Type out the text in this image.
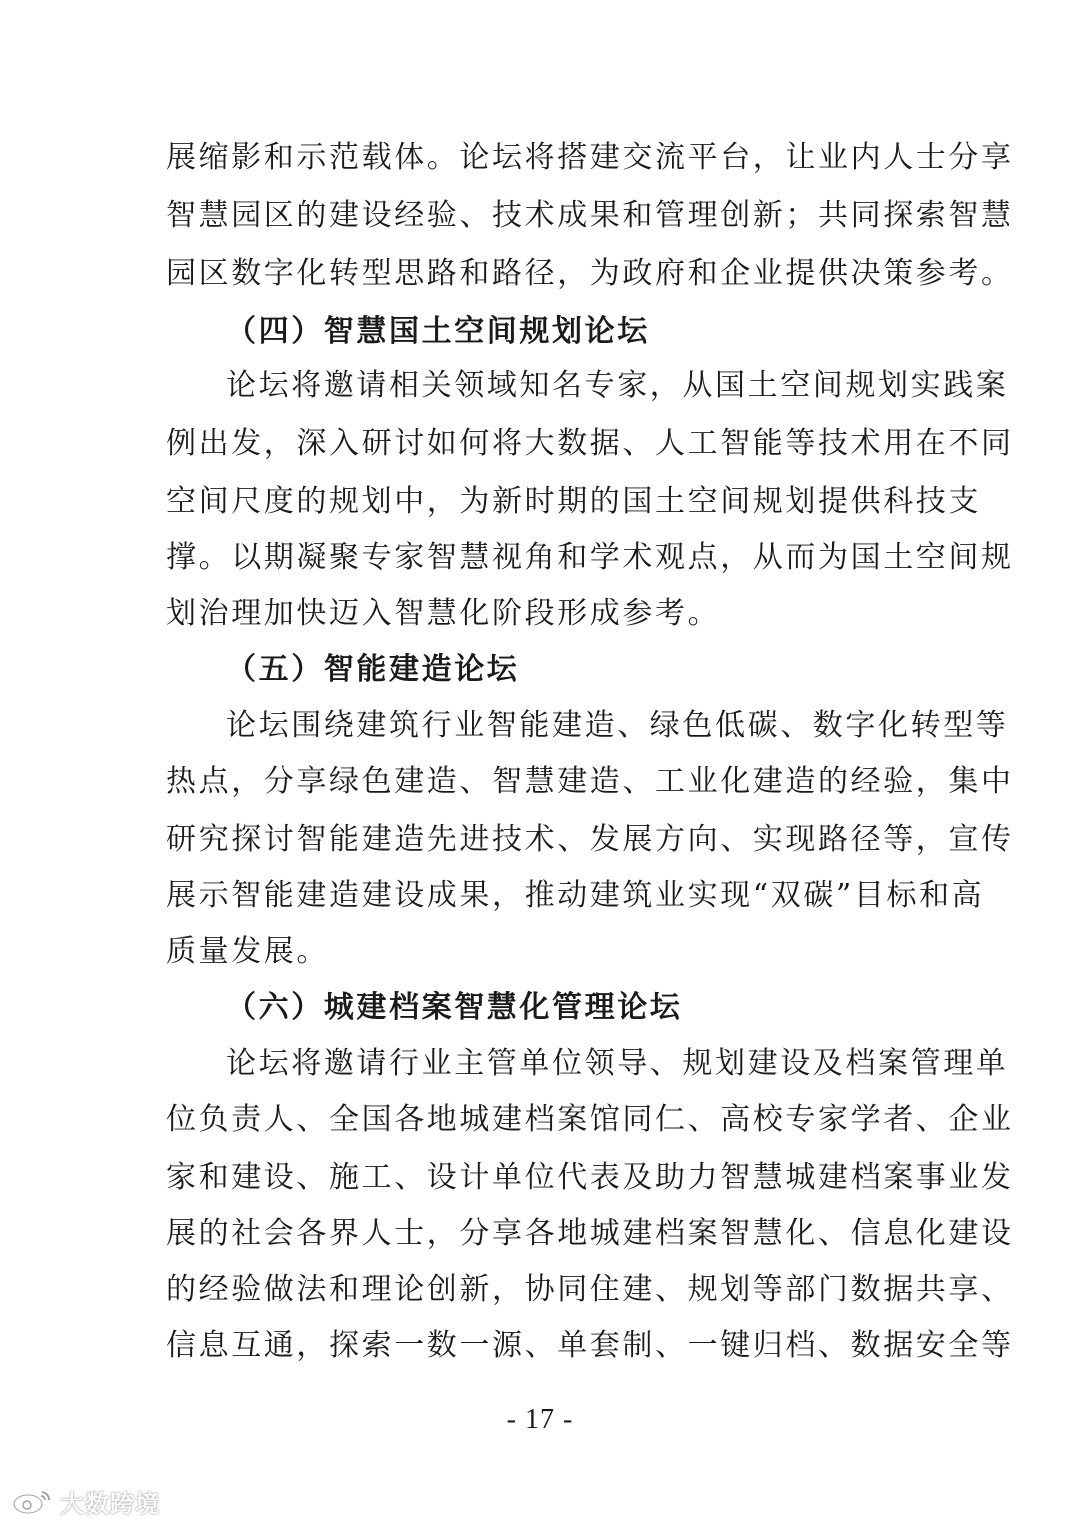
展缩影和示范载体。论坛将搭建交流平台，让业内人士分享
智慧园区的建设经验、技术成果和管理创新；共同探索智慧
园区数字化转型思路和路径，为政府和企业提供决策参考。
（四）智慧国土空间规划论坛
论坛将邀请相关领域知名专家，从国土空间规划实践案
例出发，深入研讨如何将大数据、人工智能等技术用在不同
空间尺度的规划中，为新时期的国土空间规划提供科技支
撑。以期凝聚专家智慧视角和学术观点，从而为国土空间规
划治理加快迈入智慧化阶段形成参考。
（五）智能建造论坛
论坛围绕建筑行业智能建造、绿色低碳、数字化转型等
热点，分享绿色建造、智慧建造、工业化建造的经验，集中
研究探讨智能建造先进技术、发展方向、实现路径等，宣传
展示智能建造建设成果，推动建筑业实现“双碳”目标和高
质量发展。
（六）城建档案智慧化管理论坛
论坛将邀请行业主管单位领导、规划建设及档案管理单
位负责人、全国各地城建档案馆同仁、高校专家学者、企业
家和建设、施工、设计单位代表及助力智慧城建档案事业发
展的社会各界人士，分享各地城建档案智慧化、信息化建设
的经验做法和理论创新，协同住建、规划等部门数据共享、
信息互通，探索一数一源、单套制、一键归档、数据安全等
- 17 -
大数跨境
